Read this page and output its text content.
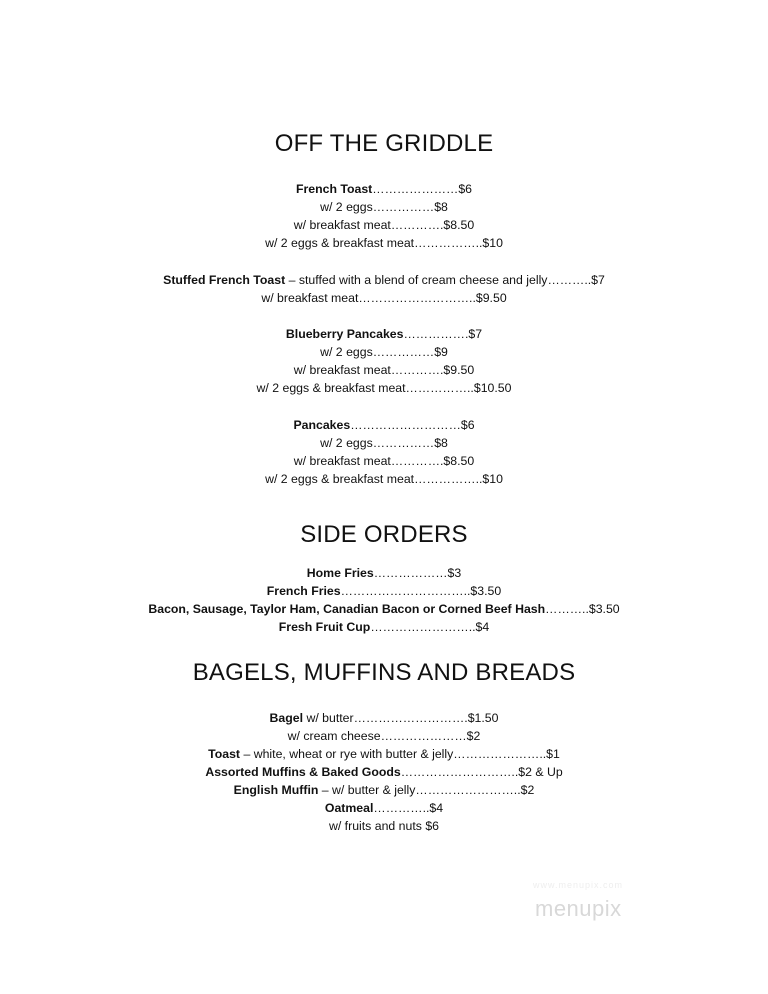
OFF THE GRIDDLE

French Toast…………………$6

w/ 2 eggs……………$8

w/ breakfast meat………….$8.50

w/ 2 eggs & breakfast meat……………..$10

Stuffed French Toast – stuffed with a blend of cream cheese and jelly………..$7

w/ breakfast meat………………………..$9.50

Blueberry Pancakes…………….$7

w/ 2 eggs……………$9

w/ breakfast meat………….$9.50

w/ 2 eggs & breakfast meat……………..$10.50

Pancakes………………………$6

w/ 2 eggs……………$8

w/ breakfast meat………….$8.50

w/ 2 eggs & breakfast meat……………..$10

SIDE ORDERS

Home Fries………………$3

French Fries…………………………..$3.50

Bacon, Sausage, Taylor Ham, Canadian Bacon or Corned Beef Hash………..$3.50

Fresh Fruit Cup……………………..$4

BAGELS, MUFFINS AND BREADS

Bagel w/ butter……………………….$1.50

w/ cream cheese…………………$2

Toast – white, wheat or rye with butter & jelly…………………..$1

Assorted Muffins & Baked Goods………………………..$2 & Up

English Muffin – w/ butter & jelly……………………..$2

Oatmeal…………..$4

w/ fruits and nuts $6

www.menupix.com
menupix
